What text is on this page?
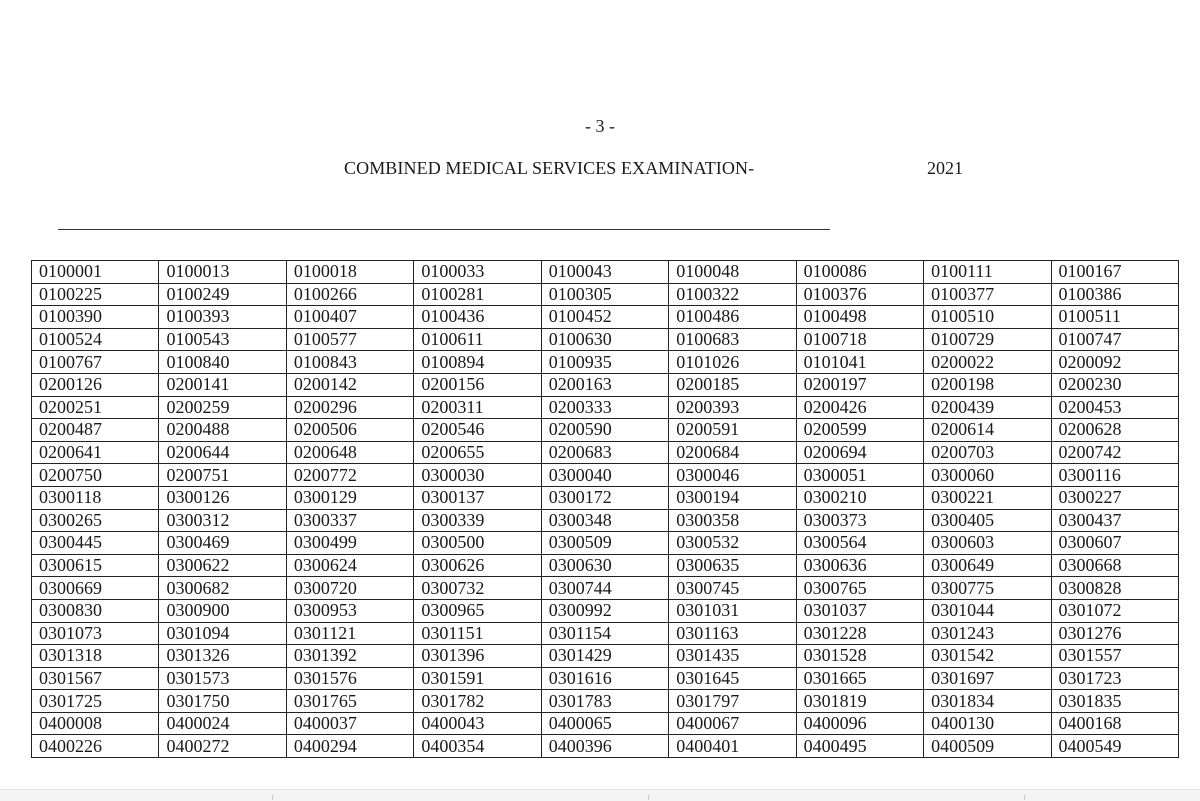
- 3 -
COMBINED MEDICAL SERVICES EXAMINATION-	2021
0100001	0100013	0100018	0100033	0100043	0100048	0100086	0100111	0100167
0100225	0100249	0100266	0100281	0100305	0100322	0100376	0100377	0100386
0100390	0100393	0100407	0100436	0100452	0100486	0100498	0100510	0100511
0100524	0100543	0100577	0100611	0100630	0100683	0100718	0100729	0100747
0100767	0100840	0100843	0100894	0100935	0101026	0101041	0200022	0200092
0200126	0200141	0200142	0200156	0200163	0200185	0200197	0200198	0200230
0200251	0200259	0200296	0200311	0200333	0200393	0200426	0200439	0200453
0200487	0200488	0200506	0200546	0200590	0200591	0200599	0200614	0200628
0200641	0200644	0200648	0200655	0200683	0200684	0200694	0200703	0200742
0200750	0200751	0200772	0300030	0300040	0300046	0300051	0300060	0300116
0300118	0300126	0300129	0300137	0300172	0300194	0300210	0300221	0300227
0300265	0300312	0300337	0300339	0300348	0300358	0300373	0300405	0300437
0300445	0300469	0300499	0300500	0300509	0300532	0300564	0300603	0300607
0300615	0300622	0300624	0300626	0300630	0300635	0300636	0300649	0300668
0300669	0300682	0300720	0300732	0300744	0300745	0300765	0300775	0300828
0300830	0300900	0300953	0300965	0300992	0301031	0301037	0301044	0301072
0301073	0301094	0301121	0301151	0301154	0301163	0301228	0301243	0301276
0301318	0301326	0301392	0301396	0301429	0301435	0301528	0301542	0301557
0301567	0301573	0301576	0301591	0301616	0301645	0301665	0301697	0301723
0301725	0301750	0301765	0301782	0301783	0301797	0301819	0301834	0301835
0400008	0400024	0400037	0400043	0400065	0400067	0400096	0400130	0400168
0400226	0400272	0400294	0400354	0400396	0400401	0400495	0400509	0400549
